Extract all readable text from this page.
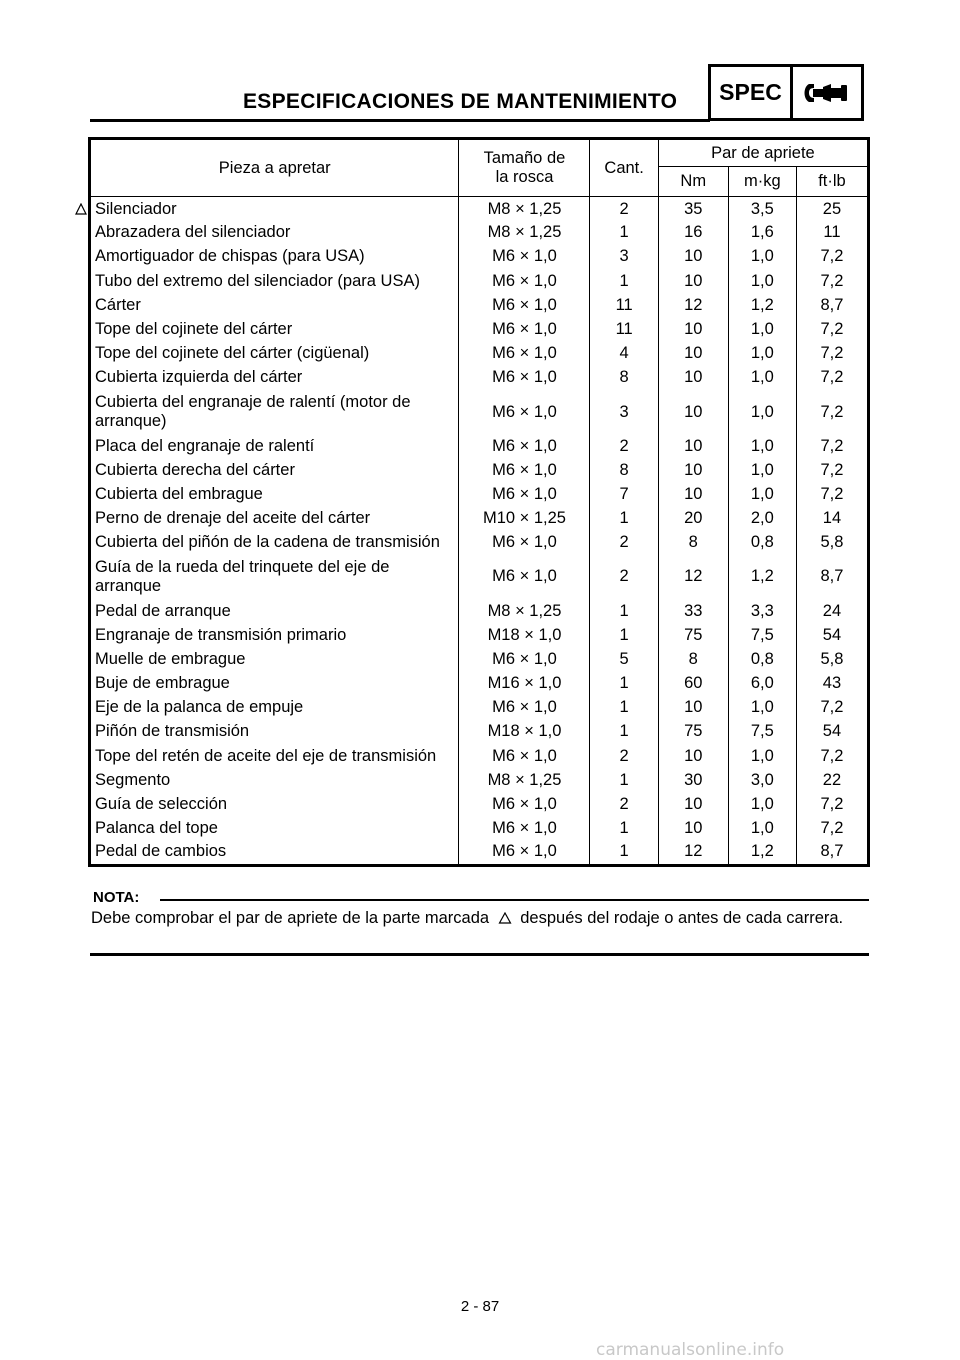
ESPECIFICACIONES DE MANTENIMIENTO	SPEC
Pieza a apretar	Tamaño de la rosca	Cant.	Par de apriete		
			Nm	m·kg	ft·lb
Silenciador	M8 × 1,25	2	35	3,5	25
Abrazadera del silenciador	M8 × 1,25	1	16	1,6	11
Amortiguador de chispas (para USA)	M6 × 1,0	3	10	1,0	7,2
Tubo del extremo del silenciador (para USA)	M6 × 1,0	1	10	1,0	7,2
Cárter	M6 × 1,0	11	12	1,2	8,7
Tope del cojinete del cárter	M6 × 1,0	11	10	1,0	7,2
Tope del cojinete del cárter (cigüenal)	M6 × 1,0	4	10	1,0	7,2
Cubierta izquierda del cárter	M6 × 1,0	8	10	1,0	7,2
Cubierta del engranaje de ralentí (motor de arranque)	M6 × 1,0	3	10	1,0	7,2
Placa del engranaje de ralentí	M6 × 1,0	2	10	1,0	7,2
Cubierta derecha del cárter	M6 × 1,0	8	10	1,0	7,2
Cubierta del embrague	M6 × 1,0	7	10	1,0	7,2
Perno de drenaje del aceite del cárter	M10 × 1,25	1	20	2,0	14
Cubierta del piñón de la cadena de transmisión	M6 × 1,0	2	8	0,8	5,8
Guía de la rueda del trinquete del eje de arranque	M6 × 1,0	2	12	1,2	8,7
Pedal de arranque	M8 × 1,25	1	33	3,3	24
Engranaje de transmisión primario	M18 × 1,0	1	75	7,5	54
Muelle de embrague	M6 × 1,0	5	8	0,8	5,8
Buje de embrague	M16 × 1,0	1	60	6,0	43
Eje de la palanca de empuje	M6 × 1,0	1	10	1,0	7,2
Piñón de transmisión	M18 × 1,0	1	75	7,5	54
Tope del retén de aceite del eje de transmisión	M6 × 1,0	2	10	1,0	7,2
Segmento	M8 × 1,25	1	30	3,0	22
Guía de selección	M6 × 1,0	2	10	1,0	7,2
Palanca del tope	M6 × 1,0	1	10	1,0	7,2
Pedal de cambios	M6 × 1,0	1	12	1,2	8,7
NOTA:
Debe comprobar el par de apriete de la parte marcada después del rodaje o antes de cada carrera.
2 - 87
carmanualsonline.info
